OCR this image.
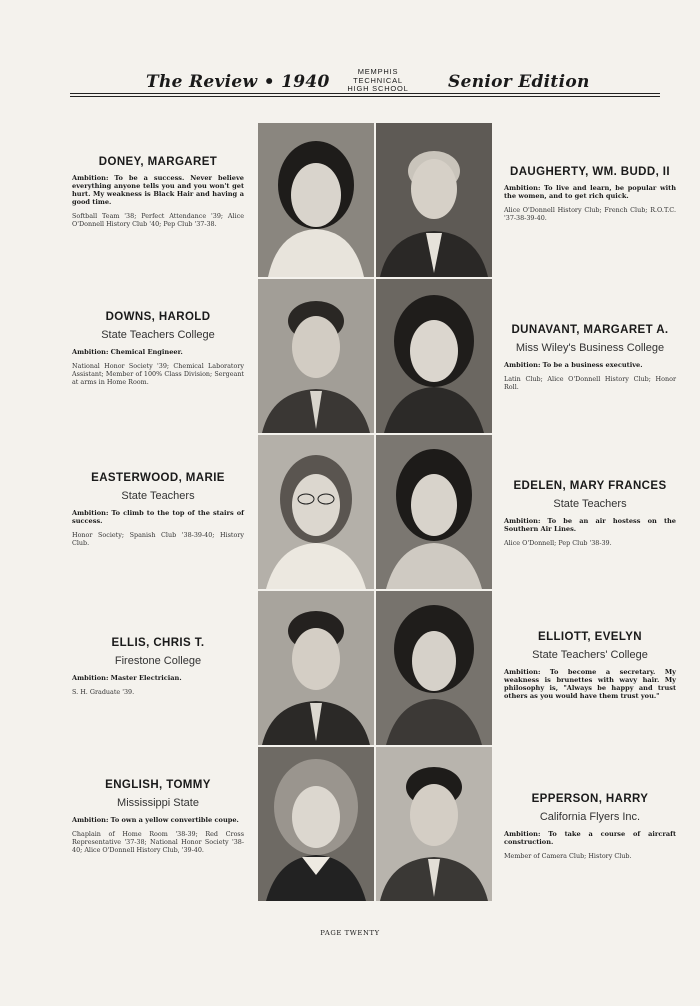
The Review • 1940
MEMPHIS
TECHNICAL
HIGH SCHOOL	Senior Edition
DONEY, MARGARET
Ambition: To be a success. Never believe everything anyone tells you and you won't get hurt. My weakness is Black Hair and having a good time.
Softball Team '38; Perfect Attendance '39; Alice O'Donnell History Club '40; Pep Club '37-38.
DAUGHERTY, WM. BUDD, II
Ambition: To live and learn, be popular with the women, and to get rich quick.
Alice O'Donnell History Club; French Club; R.O.T.C. '37-38-39-40.
DOWNS, HAROLD
State Teachers College
Ambition: Chemical Engineer.
National Honor Society '39; Chemical Laboratory Assistant; Member of 100% Class Division; Sergeant at arms in Home Room.
DUNAVANT, MARGARET A.
Miss Wiley's Business College
Ambition: To be a business executive.
Latin Club; Alice O'Donnell History Club; Honor Roll.
EASTERWOOD, MARIE
State Teachers
Ambition: To climb to the top of the stairs of success.
Honor Society; Spanish Club '38-39-40; History Club.
EDELEN, MARY FRANCES
State Teachers
Ambition: To be an air hostess on the Southern Air Lines.
Alice O'Donnell; Pep Club '38-39.
ELLIS, CHRIS T.
Firestone College
Ambition: Master Electrician.
S. H. Graduate '39.
ELLIOTT, EVELYN
State Teachers' College
Ambition: To become a secretary. My weakness is brunettes with wavy hair. My philosophy is, "Always be happy and trust others as you would have them trust you."
ENGLISH, TOMMY
Mississippi State
Ambition: To own a yellow convertible coupe.
Chaplain of Home Room '38-39; Red Cross Representative '37-38; National Honor Society '38-40; Alice O'Donnell History Club, '39-40.
EPPERSON, HARRY
California Flyers Inc.
Ambition: To take a course of aircraft construction.
Member of Camera Club; History Club.
PAGE TWENTY
